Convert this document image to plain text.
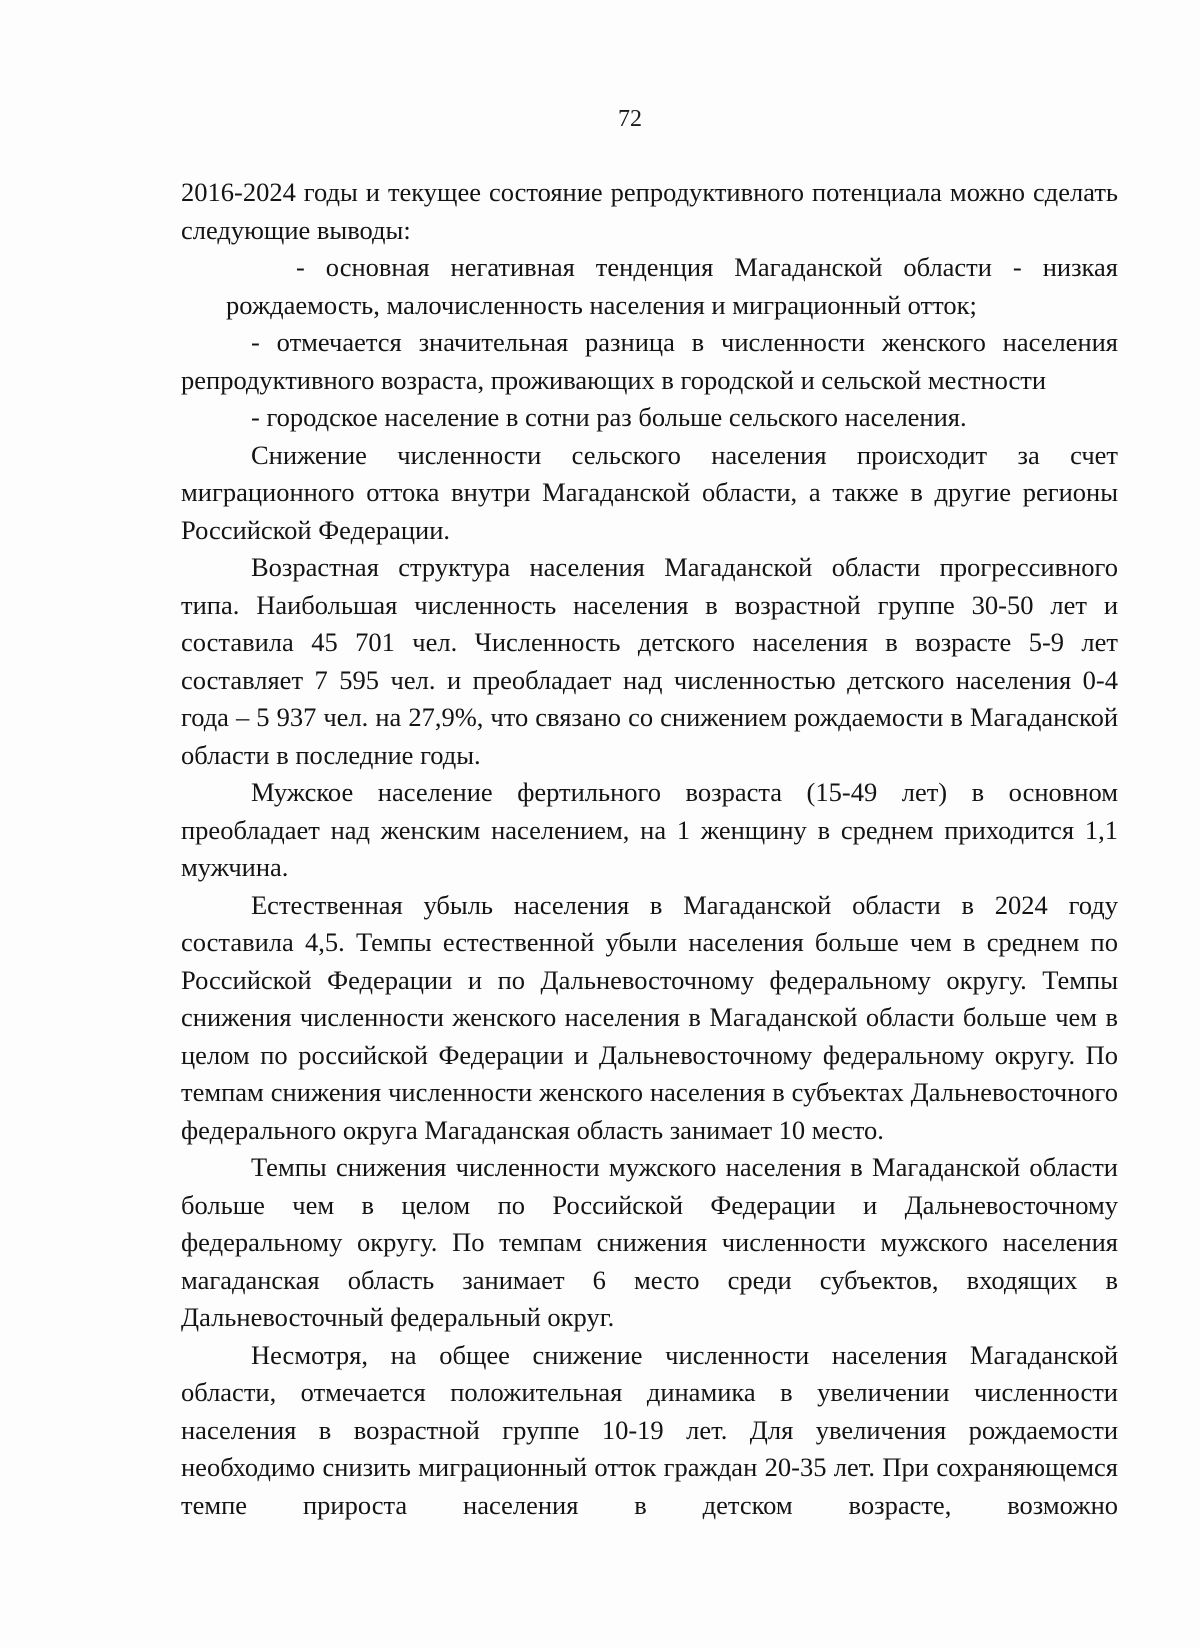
72

2016-2024 годы и текущее состояние репродуктивного потенциала можно сделать следующие выводы:

- основная негативная тенденция Магаданской области - низкая рождаемость, малочисленность населения и миграционный отток;

- отмечается значительная разница в численности женского населения репродуктивного возраста, проживающих в городской и сельской местности

- городское население в сотни раз больше сельского населения.

Снижение численности сельского населения происходит за счет миграционного оттока внутри Магаданской области, а также в другие регионы Российской Федерации.

Возрастная структура населения Магаданской области прогрессивного типа. Наибольшая численность населения в возрастной группе 30-50 лет и составила 45 701 чел. Численность детского населения в возрасте 5-9 лет составляет 7 595 чел. и преобладает над численностью детского населения 0-4 года – 5 937 чел. на 27,9%, что связано со снижением рождаемости в Магаданской области в последние годы.

Мужское население фертильного возраста (15-49 лет) в основном преобладает над женским населением, на 1 женщину в среднем приходится 1,1 мужчина.

Естественная убыль населения в Магаданской области в 2024 году составила 4,5. Темпы естественной убыли населения больше чем в среднем по Российской Федерации и по Дальневосточному федеральному округу. Темпы снижения численности женского населения в Магаданской области больше чем в целом по российской Федерации и Дальневосточному федеральному округу. По темпам снижения численности женского населения в субъектах Дальневосточного федерального округа Магаданская область занимает 10 место.

Темпы снижения численности мужского населения в Магаданской области больше чем в целом по Российской Федерации и Дальневосточному федеральному округу. По темпам снижения численности мужского населения магаданская область занимает 6 место среди субъектов, входящих в Дальневосточный федеральный округ.

Несмотря, на общее снижение численности населения Магаданской области, отмечается положительная динамика в увеличении численности населения в возрастной группе 10-19 лет. Для увеличения рождаемости необходимо снизить миграционный отток граждан 20-35 лет. При сохраняющемся темпе прироста населения в детском возрасте, возможно
